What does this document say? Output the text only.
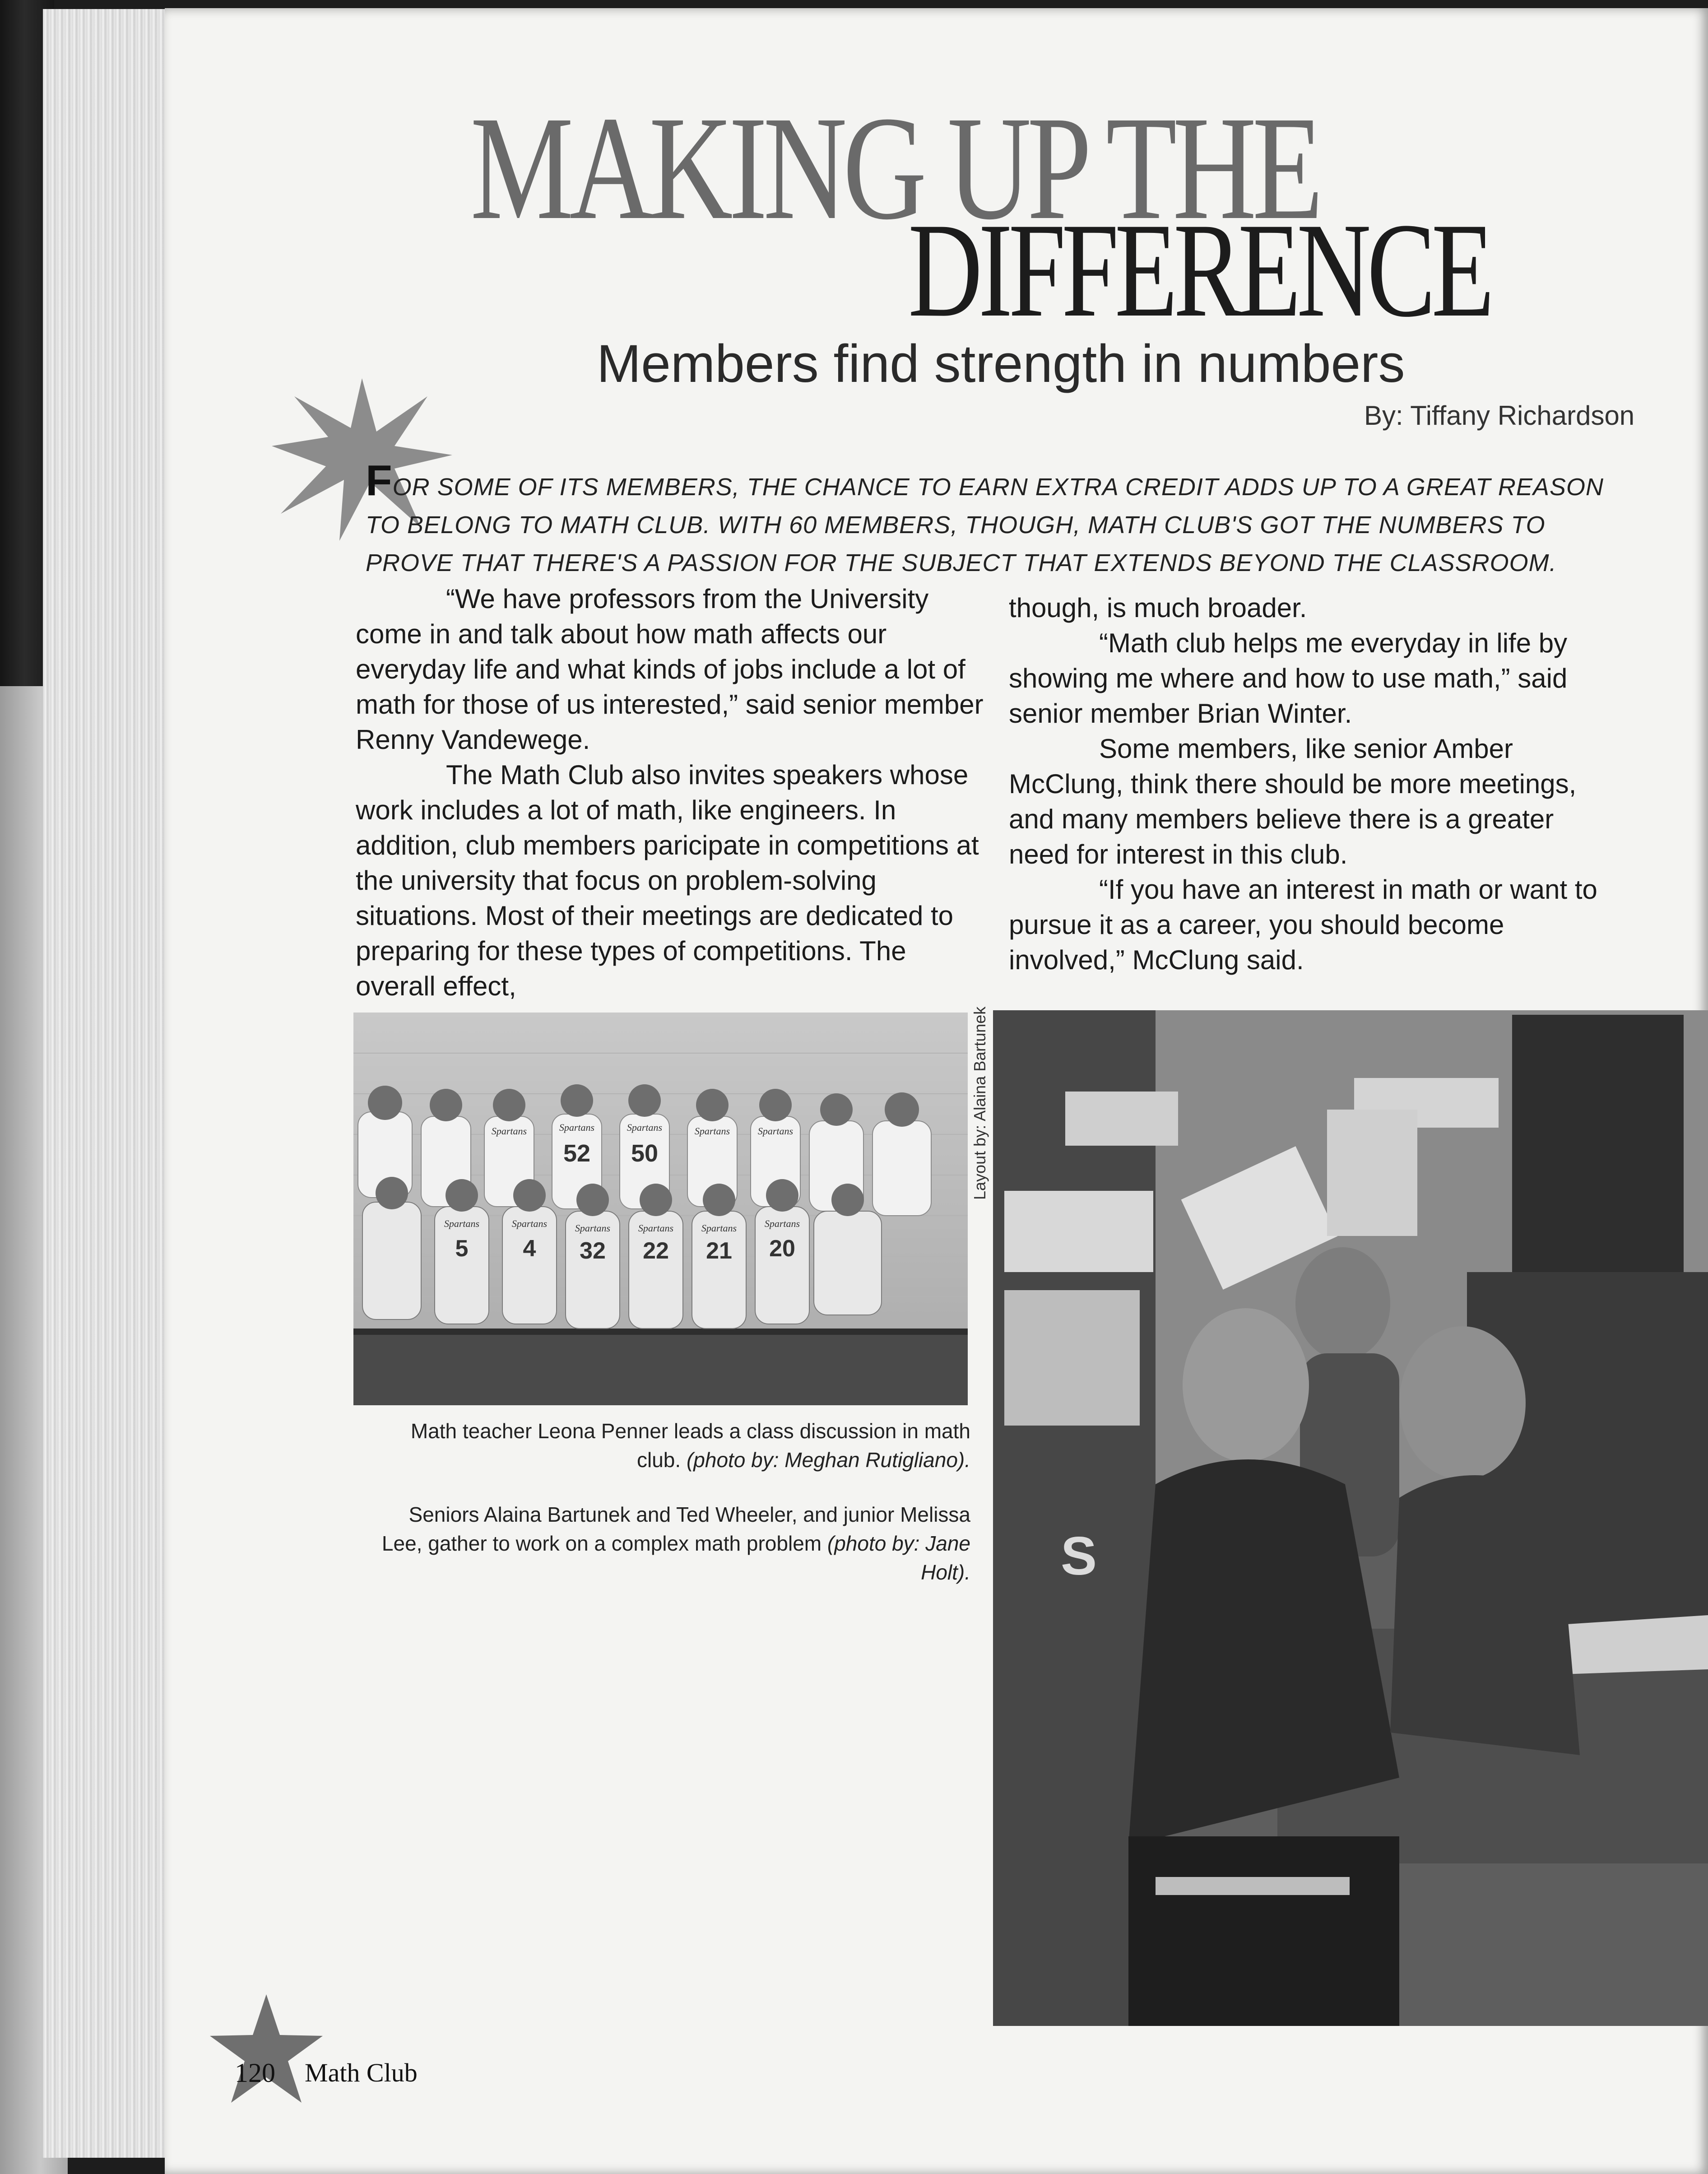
MAKING UP THE
DIFFERENCE
Members find strength in numbers
By: Tiffany Richardson
FOR SOME OF ITS MEMBERS, THE CHANCE TO EARN EXTRA CREDIT ADDS UP TO A GREAT REASON TO BELONG TO MATH CLUB. WITH 60 MEMBERS, THOUGH, MATH CLUB'S GOT THE NUMBERS TO PROVE THAT THERE'S A PASSION FOR THE SUBJECT THAT EXTENDS BEYOND THE CLASSROOM.

“We have professors from the University come in and talk about how math affects our everyday life and what kinds of jobs include a lot of math for those of us interested,” said senior member Renny Vandewege.

The Math Club also invites speakers whose work includes a lot of math, like engineers. In addition, club members paricipate in competitions at the university that focus on problem-solving situations. Most of their meetings are dedicated to preparing for these types of competitions. The overall effect,

though, is much broader.

“Math club helps me everyday in life by showing me where and how to use math,” said senior member Brian Winter.

Some members, like senior Amber McClung, think there should be more meetings, and many members believe there is a greater need for interest in this club.

“If you have an interest in math or want to pursue it as a career, you should become involved,” McClung said.

52 50
5 4 32 22 21 20
Spartans	Spartans	Spartans	Spartans	Spartans
Spartans	Spartans	Spartans	Spartans	Spartans	Spartans
Layout by: Alaina Bartunek
Math teacher Leona Penner leads a class discussion in math club. (photo by: Meghan Rutigliano).
Seniors Alaina Bartunek and Ted Wheeler, and junior Melissa Lee, gather to work on a complex math problem (photo by: Jane Holt). S
120 Math Club
